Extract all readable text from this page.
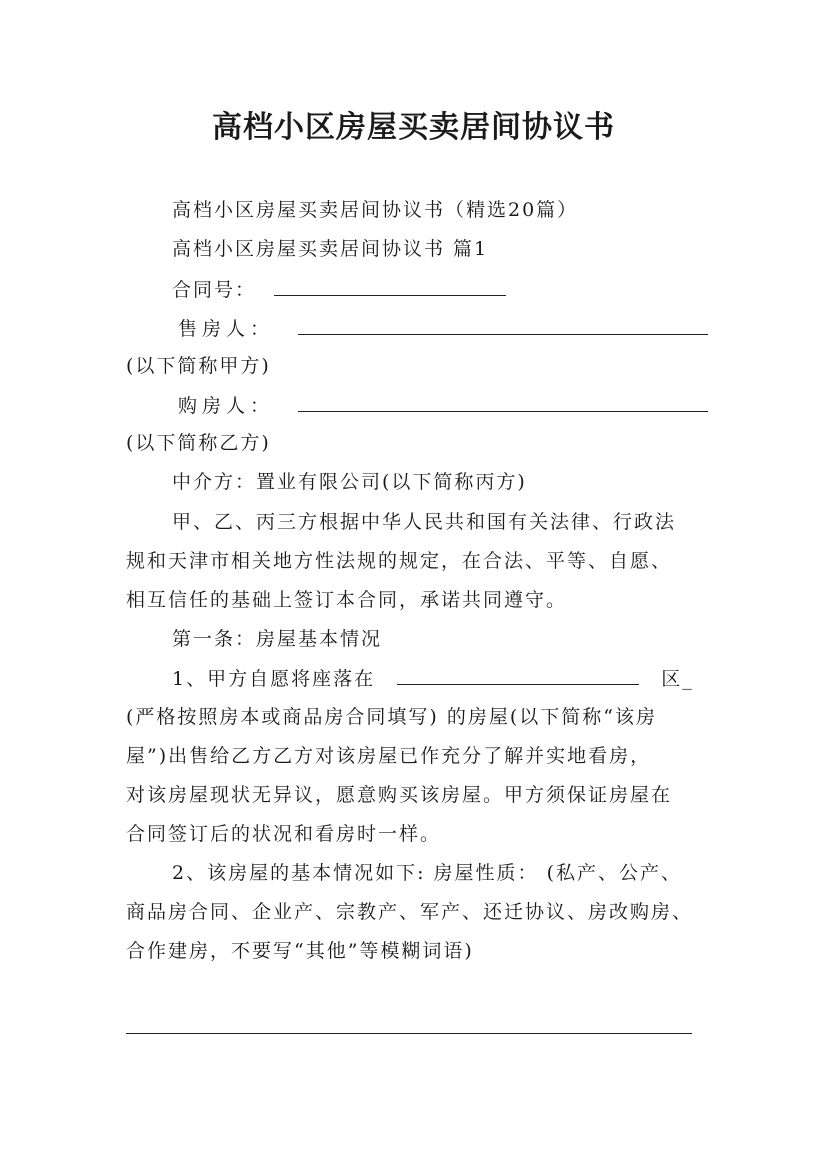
高档小区房屋买卖居间协议书
高档小区房屋买卖居间协议书（精选20篇）
高档小区房屋买卖居间协议书 篇1
合同号：
售房人：
(以下简称甲方)
购房人：
(以下简称乙方)
中介方：置业有限公司(以下简称丙方)
甲、乙、丙三方根据中华人民共和国有关法律、行政法
规和天津市相关地方性法规的规定，在合法、平等、自愿、
相互信任的基础上签订本合同，承诺共同遵守。
第一条：房屋基本情况
1、甲方自愿将座落在	区_
(严格按照房本或商品房合同填写) 的房屋(以下简称“该房
屋”)出售给乙方乙方对该房屋已作充分了解并实地看房，
对该房屋现状无异议，愿意购买该房屋。甲方须保证房屋在
合同签订后的状况和看房时一样。
2、该房屋的基本情况如下: 房屋性质： (私产、公产、
商品房合同、企业产、宗教产、军产、还迁协议、房改购房、
合作建房，不要写“其他”等模糊词语)
